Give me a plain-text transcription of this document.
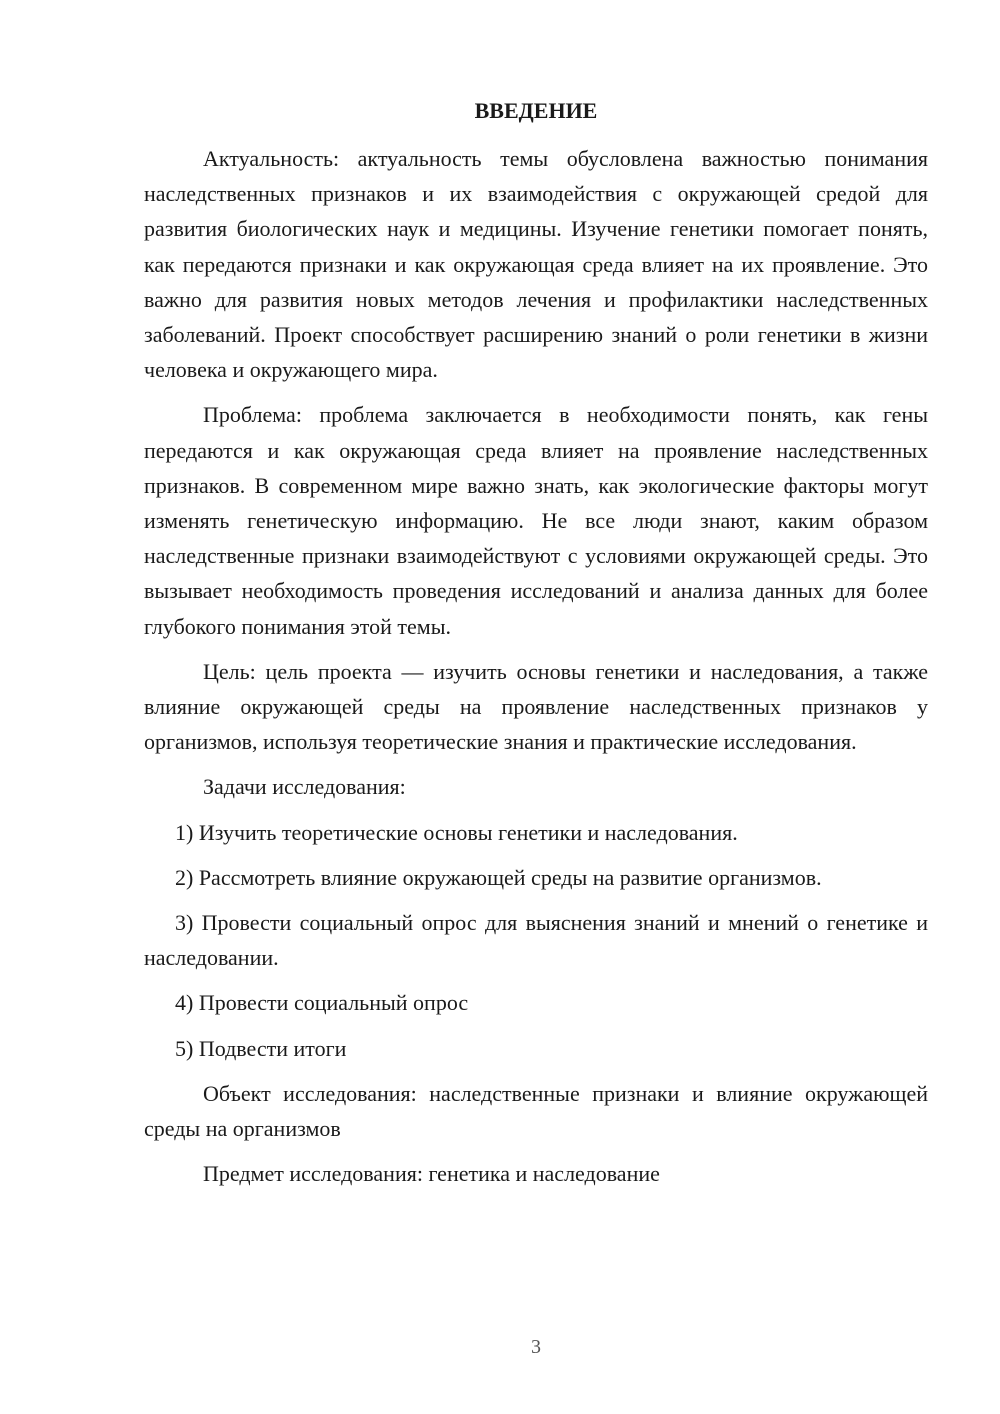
ВВЕДЕНИЕ

Актуальность: актуальность темы обусловлена важностью понимания наследственных признаков и их взаимодействия с окружающей средой для развития биологических наук и медицины. Изучение генетики помогает понять, как передаются признаки и как окружающая среда влияет на их проявление. Это важно для развития новых методов лечения и профилактики наследственных заболеваний. Проект способствует расширению знаний о роли генетики в жизни человека и окружающего мира.

Проблема: проблема заключается в необходимости понять, как гены передаются и как окружающая среда влияет на проявление наследственных признаков. В современном мире важно знать, как экологические факторы могут изменять генетическую информацию. Не все люди знают, каким образом наследственные признаки взаимодействуют с условиями окружающей среды. Это вызывает необходимость проведения исследований и анализа данных для более глубокого понимания этой темы.

Цель: цель проекта — изучить основы генетики и наследования, а также влияние окружающей среды на проявление наследственных признаков у организмов, используя теоретические знания и практические исследования.

Задачи исследования:

1) Изучить теоретические основы генетики и наследования.

2) Рассмотреть влияние окружающей среды на развитие организмов.

3) Провести социальный опрос для выяснения знаний и мнений о генетике и наследовании.

4) Провести социальный опрос

5) Подвести итоги

Объект исследования: наследственные признаки и влияние окружающей среды на организмов

Предмет исследования: генетика и наследование

3
